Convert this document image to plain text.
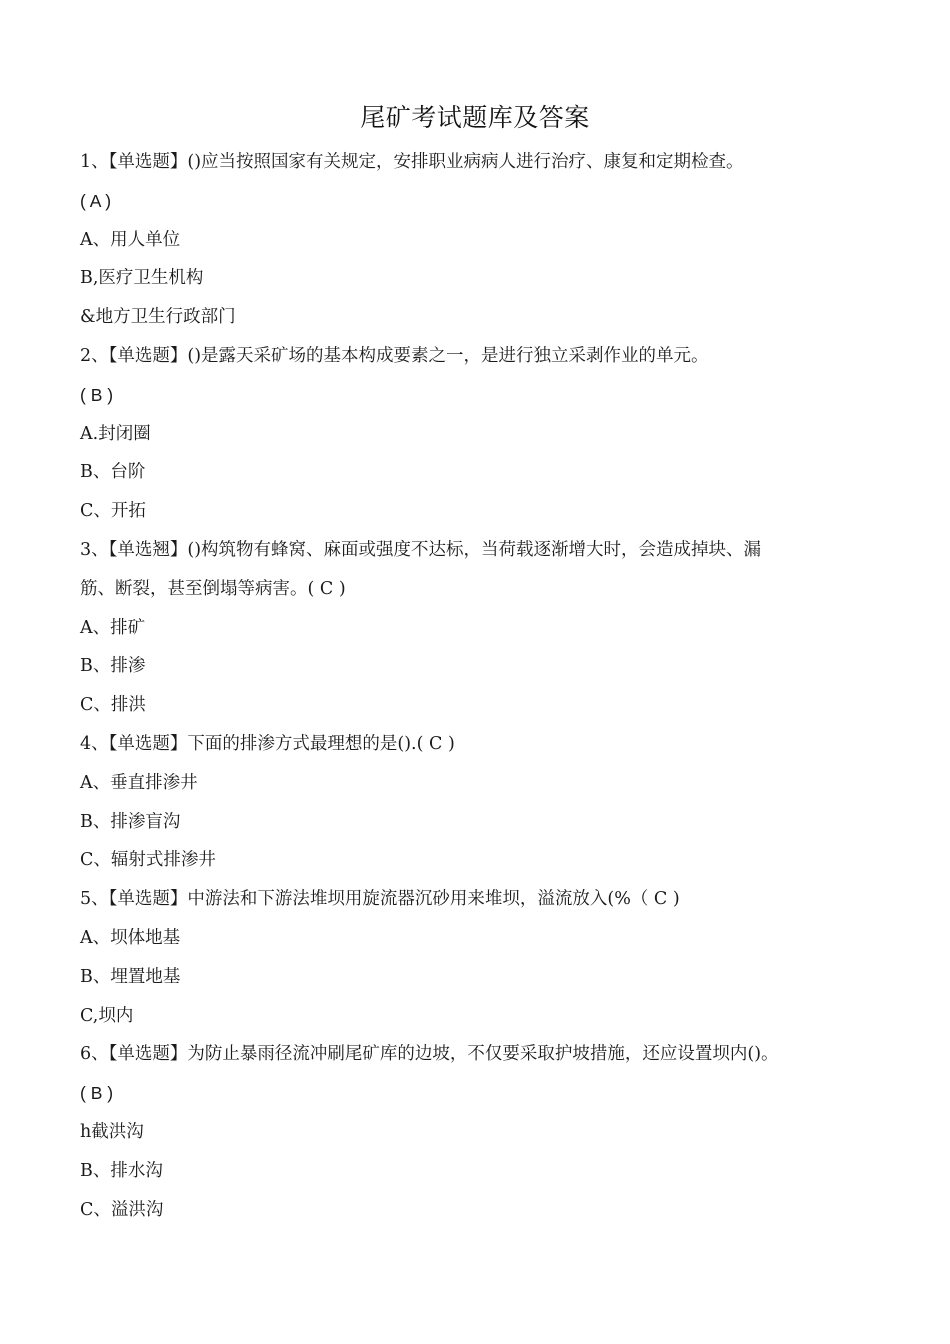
尾矿考试题库及答案
1、【单选题】()应当按照国家有关规定，安排职业病病人进行治疗、康复和定期检查。
( A )
A、用人单位
B,医疗卫生机构
&地方卫生行政部门
2、【单选题】()是露天采矿场的基本构成要素之一，是进行独立采剥作业的单元。
( B )
A.封闭圈
B、台阶
C、开拓
3、【单选翘】()构筑物有蜂窝、麻面或强度不达标，当荷载逐渐增大时，会造成掉块、漏
筋、断裂，甚至倒塌等病害。( C )
A、排矿
B、排渗
C、排洪
4、【单选题】下面的排渗方式最理想的是().( C )
A、垂直排渗井
B、排渗盲沟
C、辐射式排渗井
5、【单选题】中游法和下游法堆坝用旋流器沉砂用来堆坝，溢流放入(%（ C )
A、坝体地基
B、埋置地基
C,坝内
6、【单选题】为防止暴雨径流冲刷尾矿库的边坡，不仅要采取护坡措施，还应设置坝内()。
( B )
h截洪沟
B、排水沟
C、溢洪沟
